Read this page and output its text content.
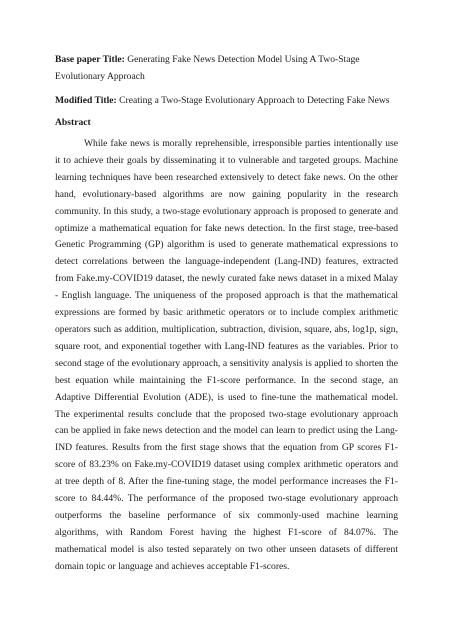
Base paper Title: Generating Fake News Detection Model Using A Two-Stage Evolutionary Approach
Modified Title: Creating a Two-Stage Evolutionary Approach to Detecting Fake News
Abstract
While fake news is morally reprehensible, irresponsible parties intentionally use it to achieve their goals by disseminating it to vulnerable and targeted groups. Machine learning techniques have been researched extensively to detect fake news. On the other hand, evolutionary-based algorithms are now gaining popularity in the research community. In this study, a two-stage evolutionary approach is proposed to generate and optimize a mathematical equation for fake news detection. In the first stage, tree-based Genetic Programming (GP) algorithm is used to generate mathematical expressions to detect correlations between the language-independent (Lang-IND) features, extracted from Fake.my-COVID19 dataset, the newly curated fake news dataset in a mixed Malay - English language. The uniqueness of the proposed approach is that the mathematical expressions are formed by basic arithmetic operators or to include complex arithmetic operators such as addition, multiplication, subtraction, division, square, abs, log1p, sign, square root, and exponential together with Lang-IND features as the variables. Prior to second stage of the evolutionary approach, a sensitivity analysis is applied to shorten the best equation while maintaining the F1-score performance. In the second stage, an Adaptive Differential Evolution (ADE), is used to fine-tune the mathematical model. The experimental results conclude that the proposed two-stage evolutionary approach can be applied in fake news detection and the model can learn to predict using the Lang-IND features. Results from the first stage shows that the equation from GP scores F1-score of 83.23% on Fake.my-COVID19 dataset using complex arithmetic operators and at tree depth of 8. After the fine-tuning stage, the model performance increases the F1-score to 84.44%. The performance of the proposed two-stage evolutionary approach outperforms the baseline performance of six commonly-used machine learning algorithms, with Random Forest having the highest F1-score of 84.07%. The mathematical model is also tested separately on two other unseen datasets of different domain topic or language and achieves acceptable F1-scores.
